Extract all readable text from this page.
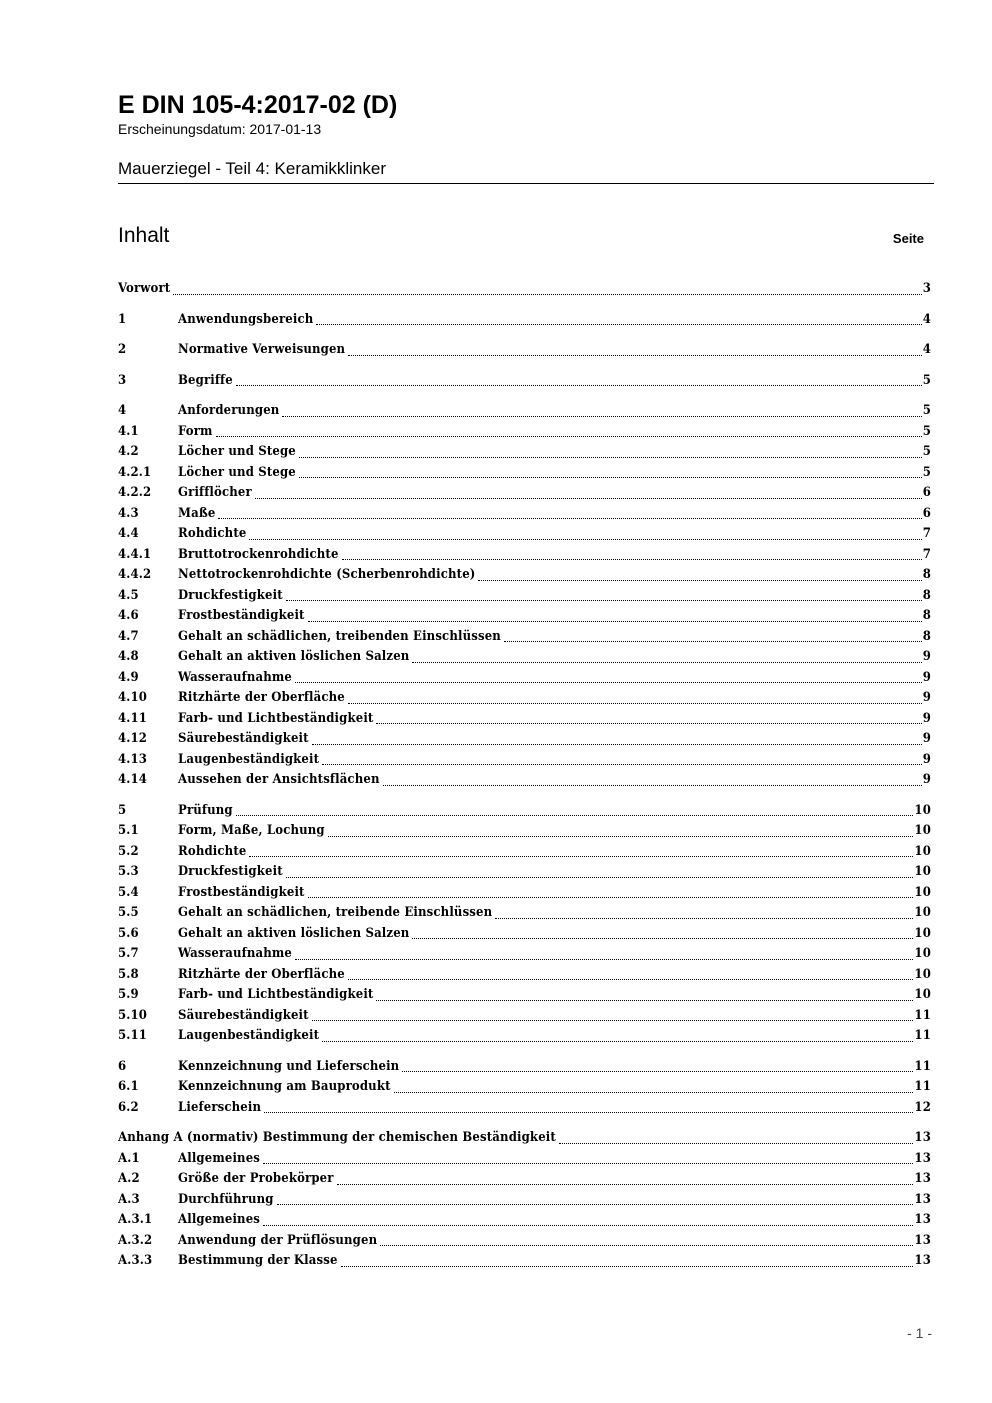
E DIN 105-4:2017-02 (D)
Erscheinungsdatum: 2017-01-13
Mauerziegel - Teil 4: Keramikklinker
Inhalt	Seite
Vorwort	3
1	Anwendungsbereich	4
2	Normative Verweisungen	4
3	Begriffe	5
4	Anforderungen	5
4.1	Form	5
4.2	Löcher und Stege	5
4.2.1	Löcher und Stege	5
4.2.2	Grifflöcher	6
4.3	Maße	6
4.4	Rohdichte	7
4.4.1	Bruttotrockenrohdichte	7
4.4.2	Nettotrockenrohdichte (Scherbenrohdichte)	8
4.5	Druckfestigkeit	8
4.6	Frostbeständigkeit	8
4.7	Gehalt an schädlichen, treibenden Einschlüssen	8
4.8	Gehalt an aktiven löslichen Salzen	9
4.9	Wasseraufnahme	9
4.10	Ritzhärte der Oberfläche	9
4.11	Farb- und Lichtbeständigkeit	9
4.12	Säurebeständigkeit	9
4.13	Laugenbeständigkeit	9
4.14	Aussehen der Ansichtsflächen	9
5	Prüfung	10
5.1	Form, Maße, Lochung	10
5.2	Rohdichte	10
5.3	Druckfestigkeit	10
5.4	Frostbeständigkeit	10
5.5	Gehalt an schädlichen, treibende Einschlüssen	10
5.6	Gehalt an aktiven löslichen Salzen	10
5.7	Wasseraufnahme	10
5.8	Ritzhärte der Oberfläche	10
5.9	Farb- und Lichtbeständigkeit	10
5.10	Säurebeständigkeit	11
5.11	Laugenbeständigkeit	11
6	Kennzeichnung und Lieferschein	11
6.1	Kennzeichnung am Bauprodukt	11
6.2	Lieferschein	12
Anhang A (normativ) Bestimmung der chemischen Beständigkeit	13
A.1	Allgemeines	13
A.2	Größe der Probekörper	13
A.3	Durchführung	13
A.3.1	Allgemeines	13
A.3.2	Anwendung der Prüflösungen	13
A.3.3	Bestimmung der Klasse	13
- 1 -
